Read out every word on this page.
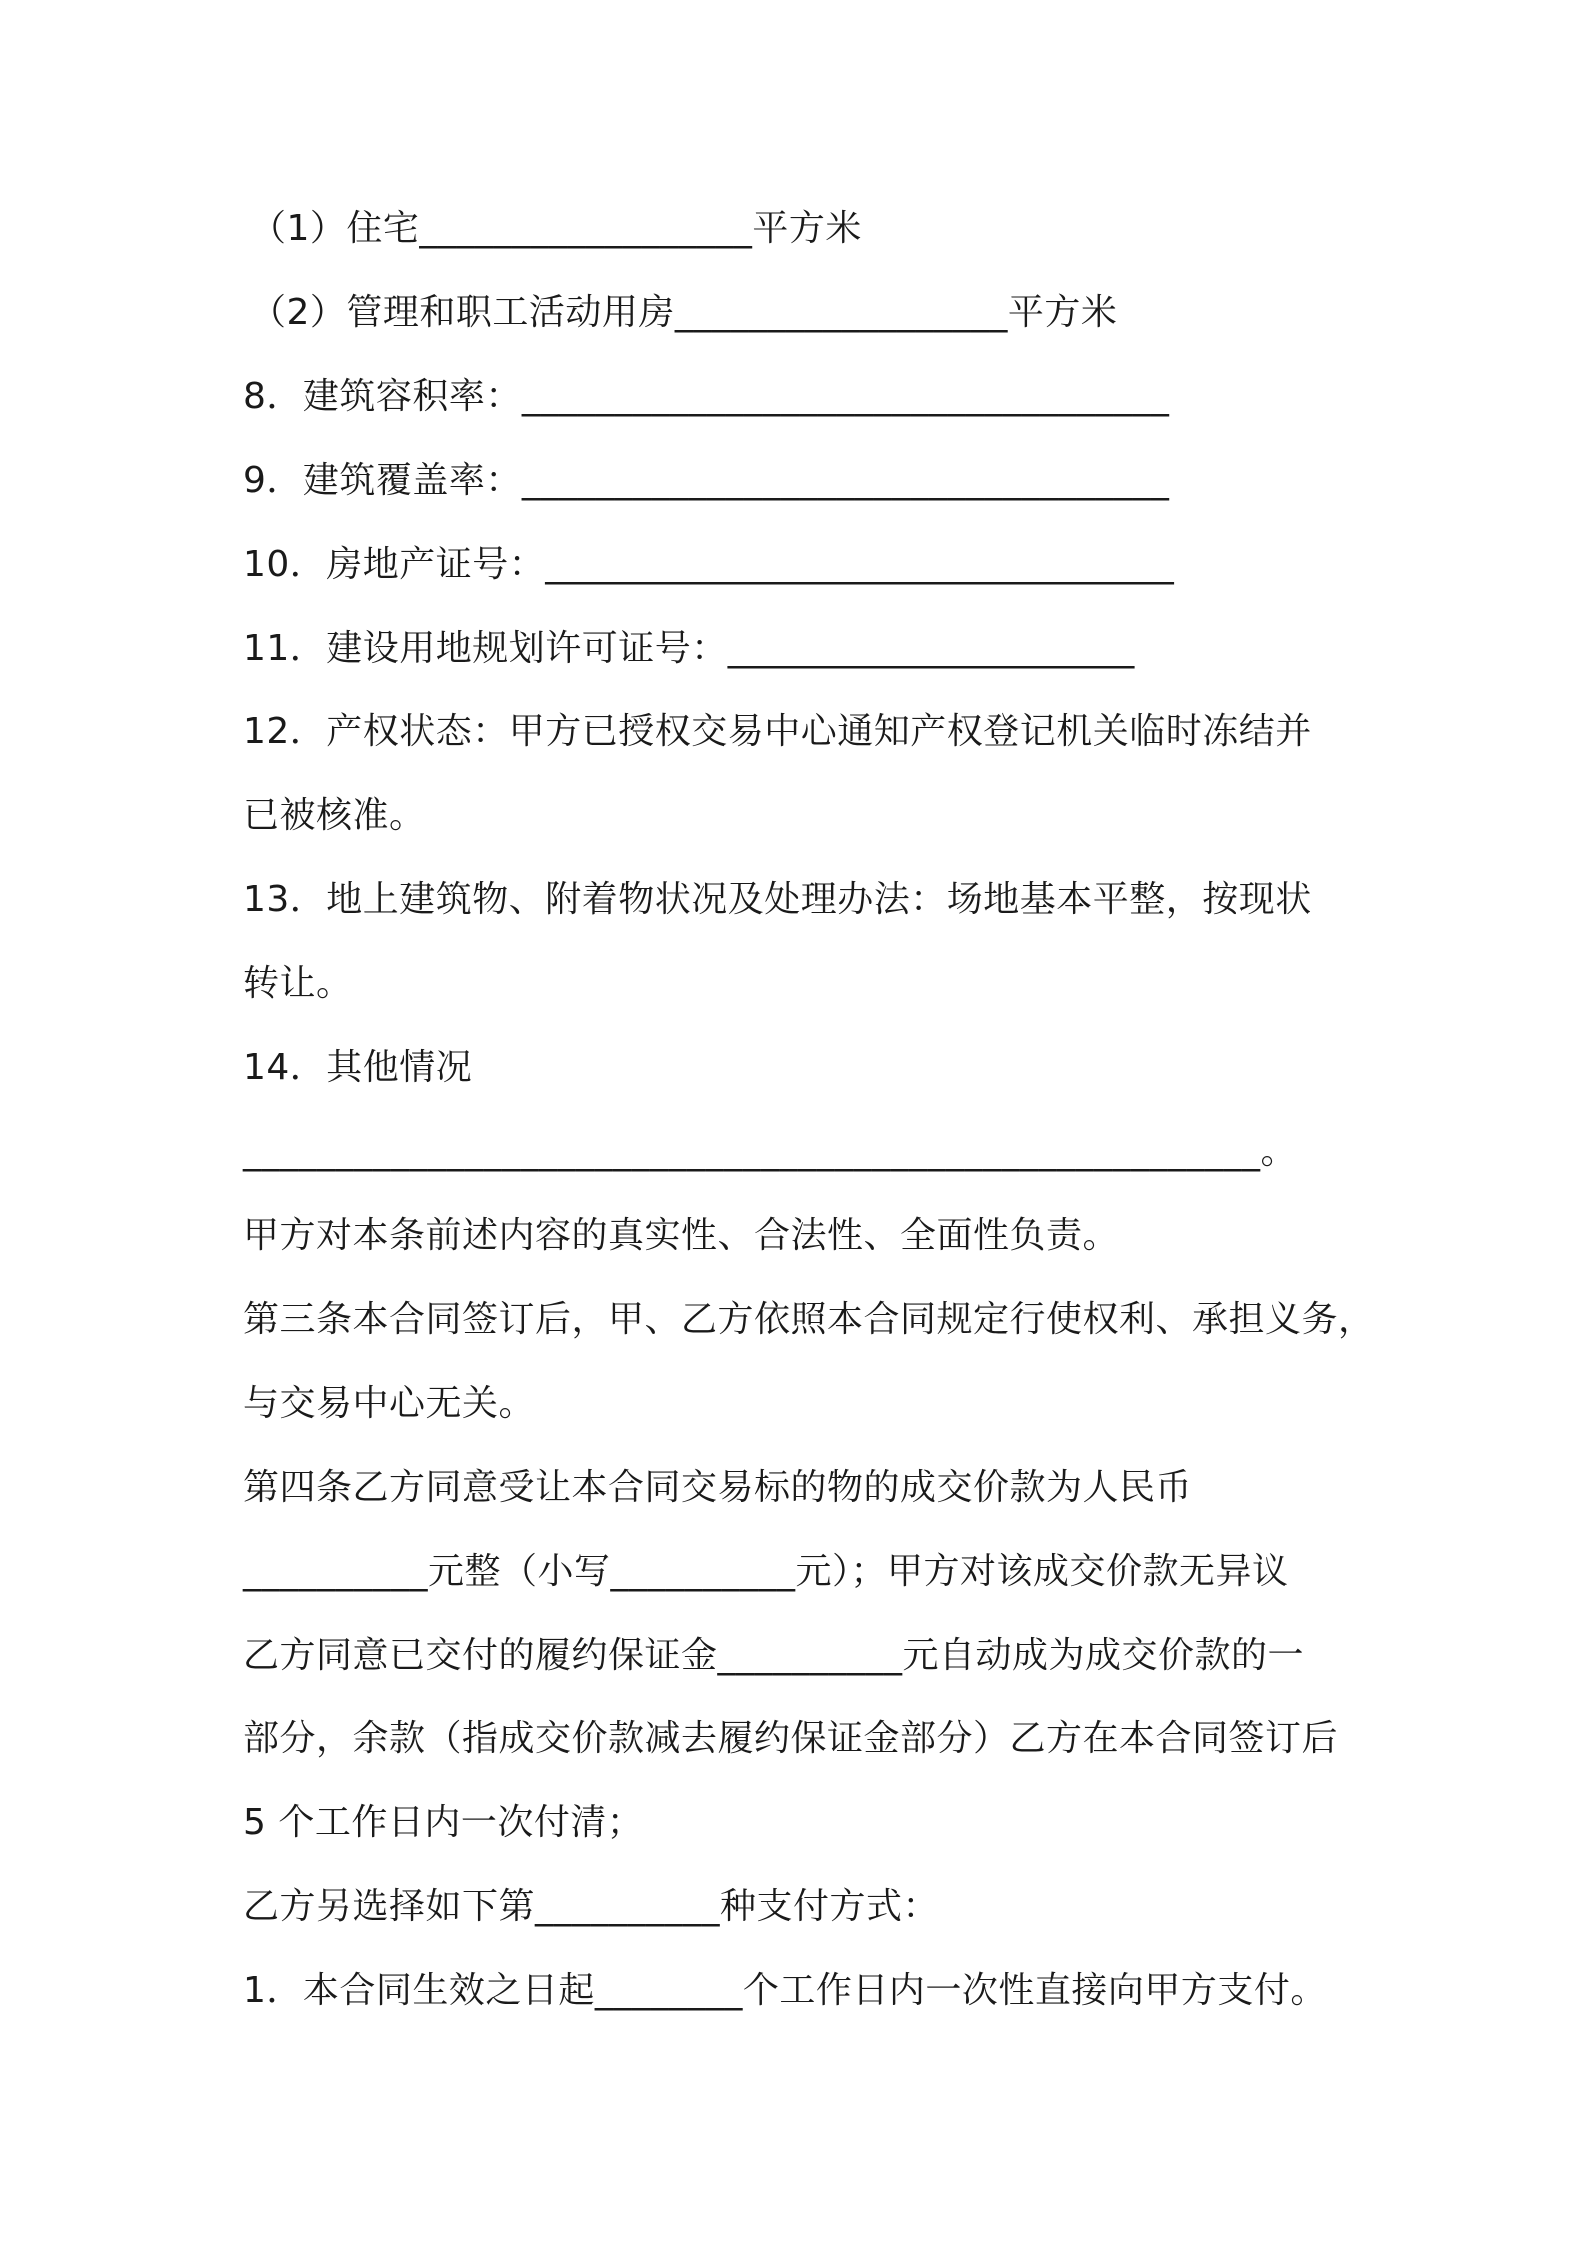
（1）住宅__________________平方米
（2）管理和职工活动用房__________________平方米
8．建筑容积率：___________________________________
9．建筑覆盖率：___________________________________
10．房地产证号：__________________________________
11．建设用地规划许可证号：______________________
12．产权状态：甲方已授权交易中心通知产权登记机关临时冻结并
已被核准。
13．地上建筑物、附着物状况及处理办法：场地基本平整，按现状
转让。
14．其他情况
_______________________________________________________。
甲方对本条前述内容的真实性、合法性、全面性负责。
第三条本合同签订后，甲、乙方依照本合同规定行使权利、承担义务，
与交易中心无关。
第四条乙方同意受让本合同交易标的物的成交价款为人民币
__________元整（小写__________元）；甲方对该成交价款无异议
乙方同意已交付的履约保证金__________元自动成为成交价款的一
部分，余款（指成交价款减去履约保证金部分）乙方在本合同签订后
5 个工作日内一次付清；
乙方另选择如下第__________种支付方式：
1．本合同生效之日起________个工作日内一次性直接向甲方支付。
